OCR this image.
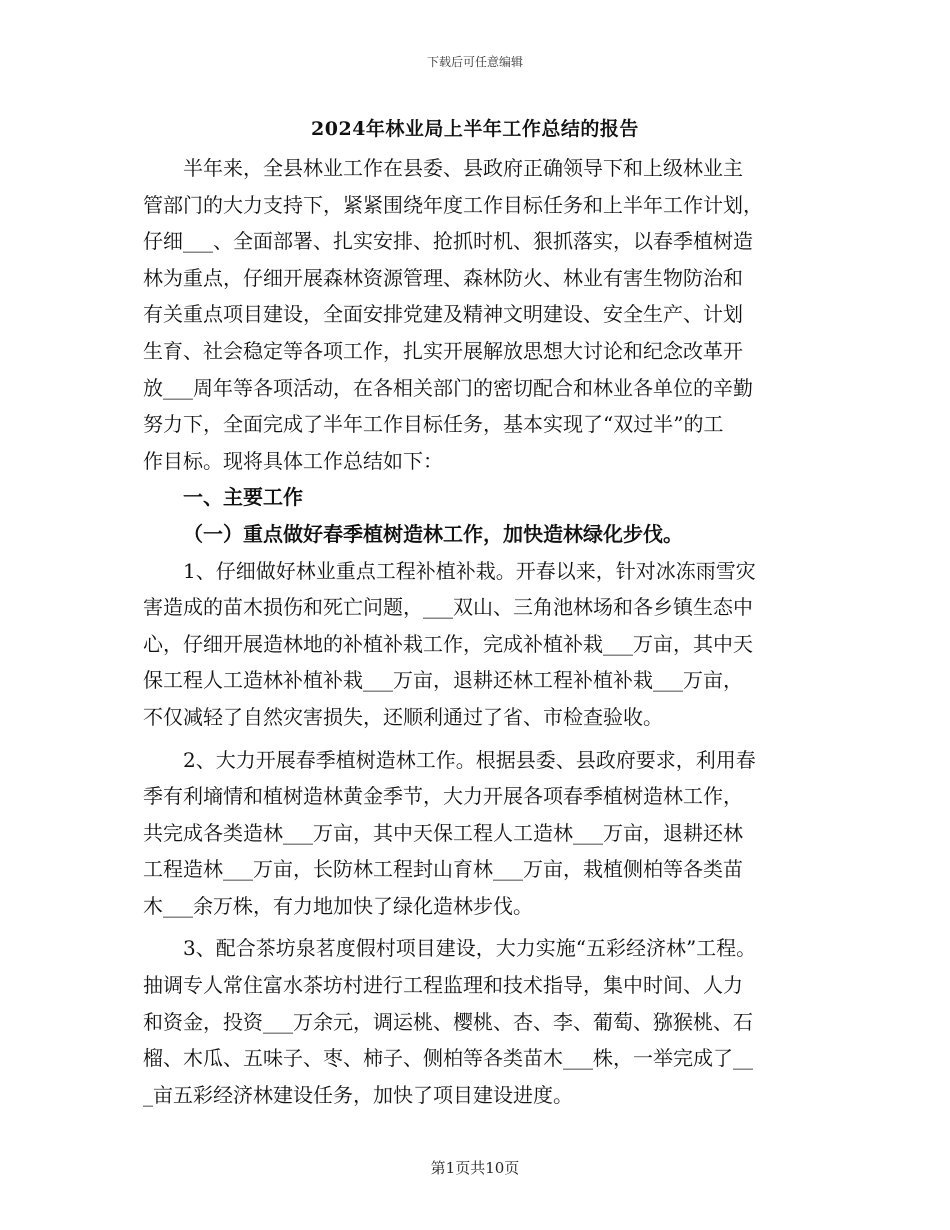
下载后可任意编辑
2024年林业局上半年工作总结的报告
半年来，全县林业工作在县委、县政府正确领导下和上级林业主
管部门的大力支持下，紧紧围绕年度工作目标任务和上半年工作计划，
仔细___、全面部署、扎实安排、抢抓时机、狠抓落实，以春季植树造
林为重点，仔细开展森林资源管理、森林防火、林业有害生物防治和
有关重点项目建设，全面安排党建及精神文明建设、安全生产、计划
生育、社会稳定等各项工作，扎实开展解放思想大讨论和纪念改革开
放___周年等各项活动，在各相关部门的密切配合和林业各单位的辛勤
努力下，全面完成了半年工作目标任务，基本实现了“双过半”的工
作目标。现将具体工作总结如下：
一、主要工作
（一）重点做好春季植树造林工作，加快造林绿化步伐。
1、仔细做好林业重点工程补植补栽。开春以来，针对冰冻雨雪灾
害造成的苗木损伤和死亡问题，___双山、三角池林场和各乡镇生态中
心，仔细开展造林地的补植补栽工作，完成补植补栽___万亩，其中天
保工程人工造林补植补栽___万亩，退耕还林工程补植补栽___万亩，
不仅减轻了自然灾害损失，还顺利通过了省、市检查验收。
2、大力开展春季植树造林工作。根据县委、县政府要求，利用春
季有利墒情和植树造林黄金季节，大力开展各项春季植树造林工作，
共完成各类造林___万亩，其中天保工程人工造林___万亩，退耕还林
工程造林___万亩，长防林工程封山育林___万亩，栽植侧柏等各类苗
木___余万株，有力地加快了绿化造林步伐。
3、配合茶坊泉茗度假村项目建设，大力实施“五彩经济林”工程。
抽调专人常住富水茶坊村进行工程监理和技术指导，集中时间、人力
和资金，投资___万余元，调运桃、樱桃、杏、李、葡萄、猕猴桃、石
榴、木瓜、五味子、枣、柿子、侧柏等各类苗木___株，一举完成了__
_亩五彩经济林建设任务，加快了项目建设进度。
第1页共10页
